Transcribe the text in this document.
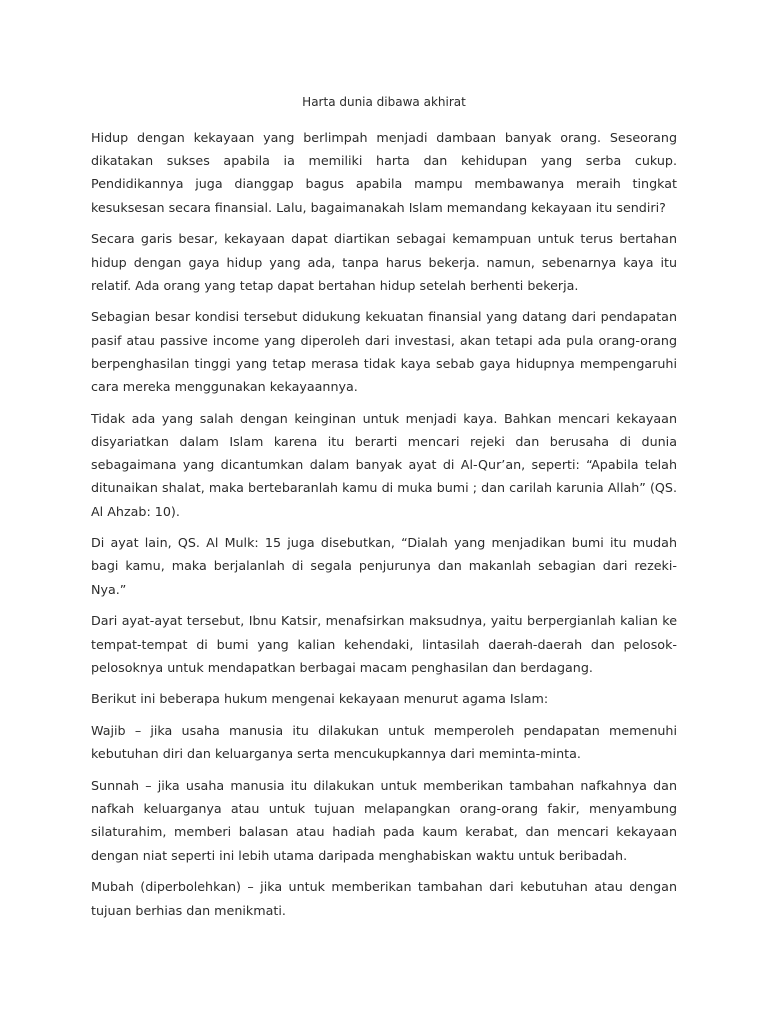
Harta dunia dibawa akhirat

Hidup dengan kekayaan yang berlimpah menjadi dambaan banyak orang. Seseorang dikatakan sukses apabila ia memiliki harta dan kehidupan yang serba cukup. Pendidikannya juga dianggap bagus apabila mampu membawanya meraih tingkat kesuksesan secara finansial. Lalu, bagaimanakah Islam memandang kekayaan itu sendiri?

Secara garis besar, kekayaan dapat diartikan sebagai kemampuan untuk terus bertahan hidup dengan gaya hidup yang ada, tanpa harus bekerja. namun, sebenarnya kaya itu relatif. Ada orang yang tetap dapat bertahan hidup setelah berhenti bekerja.

Sebagian besar kondisi tersebut didukung kekuatan finansial yang datang dari pendapatan pasif atau passive income yang diperoleh dari investasi, akan tetapi ada pula orang-orang berpenghasilan tinggi yang tetap merasa tidak kaya sebab gaya hidupnya mempengaruhi cara mereka menggunakan kekayaannya.

Tidak ada yang salah dengan keinginan untuk menjadi kaya. Bahkan mencari kekayaan disyariatkan dalam Islam karena itu berarti mencari rejeki dan berusaha di dunia sebagaimana yang dicantumkan dalam banyak ayat di Al-Qur’an, seperti: “Apabila telah ditunaikan shalat, maka bertebaranlah kamu di muka bumi ; dan carilah karunia Allah” (QS. Al Ahzab: 10).

Di ayat lain, QS. Al Mulk: 15 juga disebutkan, “Dialah yang menjadikan bumi itu mudah bagi kamu, maka berjalanlah di segala penjurunya dan makanlah sebagian dari rezeki-Nya.”

Dari ayat-ayat tersebut, Ibnu Katsir, menafsirkan maksudnya, yaitu berpergianlah kalian ke tempat-tempat di bumi yang kalian kehendaki, lintasilah daerah-daerah dan pelosok-pelosoknya untuk mendapatkan berbagai macam penghasilan dan berdagang.

Berikut ini beberapa hukum mengenai kekayaan menurut agama Islam:

Wajib – jika usaha manusia itu dilakukan untuk memperoleh pendapatan memenuhi kebutuhan diri dan keluarganya serta mencukupkannya dari meminta-minta.

Sunnah – jika usaha manusia itu dilakukan untuk memberikan tambahan nafkahnya dan nafkah keluarganya atau untuk tujuan melapangkan orang-orang fakir, menyambung silaturahim, memberi balasan atau hadiah pada kaum kerabat, dan mencari kekayaan dengan niat seperti ini lebih utama daripada menghabiskan waktu untuk beribadah.

Mubah (diperbolehkan) – jika untuk memberikan tambahan dari kebutuhan atau dengan tujuan berhias dan menikmati.
